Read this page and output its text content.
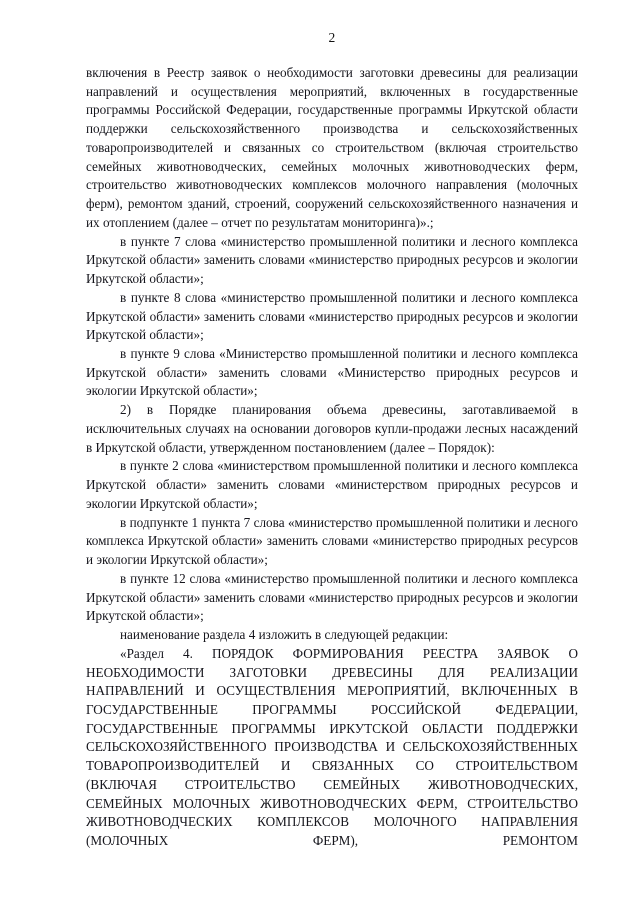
2

включения в Реестр заявок о необходимости заготовки древесины для реализации направлений и осуществления мероприятий, включенных в государственные программы Российской Федерации, государственные программы Иркутской области поддержки сельскохозяйственного производства и сельскохозяйственных товаропроизводителей и связанных со строительством (включая строительство семейных животноводческих, семейных молочных животноводческих ферм, строительство животноводческих комплексов молочного направления (молочных ферм), ремонтом зданий, строений, сооружений сельскохозяйственного назначения и их отоплением (далее – отчет по результатам мониторинга)».;

в пункте 7 слова «министерство промышленной политики и лесного комплекса Иркутской области» заменить словами «министерство природных ресурсов и экологии Иркутской области»;

в пункте 8 слова «министерство промышленной политики и лесного комплекса Иркутской области» заменить словами «министерство природных ресурсов и экологии Иркутской области»;

в пункте 9 слова «Министерство промышленной политики и лесного комплекса Иркутской области» заменить словами «Министерство природных ресурсов и экологии Иркутской области»;

2) в Порядке планирования объема древесины, заготавливаемой в исключительных случаях на основании договоров купли-продажи лесных насаждений в Иркутской области, утвержденном постановлением (далее – Порядок):

в пункте 2 слова «министерством промышленной политики и лесного комплекса Иркутской области» заменить словами «министерством природных ресурсов и экологии Иркутской области»;

в подпункте 1 пункта 7 слова «министерство промышленной политики и лесного комплекса Иркутской области» заменить словами «министерство природных ресурсов и экологии Иркутской области»;

в пункте 12 слова «министерство промышленной политики и лесного комплекса Иркутской области» заменить словами «министерство природных ресурсов и экологии Иркутской области»;

наименование раздела 4 изложить в следующей редакции:

«Раздел 4. ПОРЯДОК ФОРМИРОВАНИЯ РЕЕСТРА ЗАЯВОК О НЕОБХОДИМОСТИ ЗАГОТОВКИ ДРЕВЕСИНЫ ДЛЯ РЕАЛИЗАЦИИ НАПРАВЛЕНИЙ И ОСУЩЕСТВЛЕНИЯ МЕРОПРИЯТИЙ, ВКЛЮЧЕННЫХ В ГОСУДАРСТВЕННЫЕ ПРОГРАММЫ РОССИЙСКОЙ ФЕДЕРАЦИИ, ГОСУДАРСТВЕННЫЕ ПРОГРАММЫ ИРКУТСКОЙ ОБЛАСТИ ПОДДЕРЖКИ СЕЛЬСКОХОЗЯЙСТВЕННОГО ПРОИЗВОДСТВА И СЕЛЬСКОХОЗЯЙСТВЕННЫХ ТОВАРОПРОИЗВОДИТЕЛЕЙ И СВЯЗАННЫХ СО СТРОИТЕЛЬСТВОМ (ВКЛЮЧАЯ СТРОИТЕЛЬСТВО СЕМЕЙНЫХ ЖИВОТНОВОДЧЕСКИХ, СЕМЕЙНЫХ МОЛОЧНЫХ ЖИВОТНОВОДЧЕСКИХ ФЕРМ, СТРОИТЕЛЬСТВО ЖИВОТНОВОДЧЕСКИХ КОМПЛЕКСОВ МОЛОЧНОГО НАПРАВЛЕНИЯ (МОЛОЧНЫХ ФЕРМ), РЕМОНТОМ
